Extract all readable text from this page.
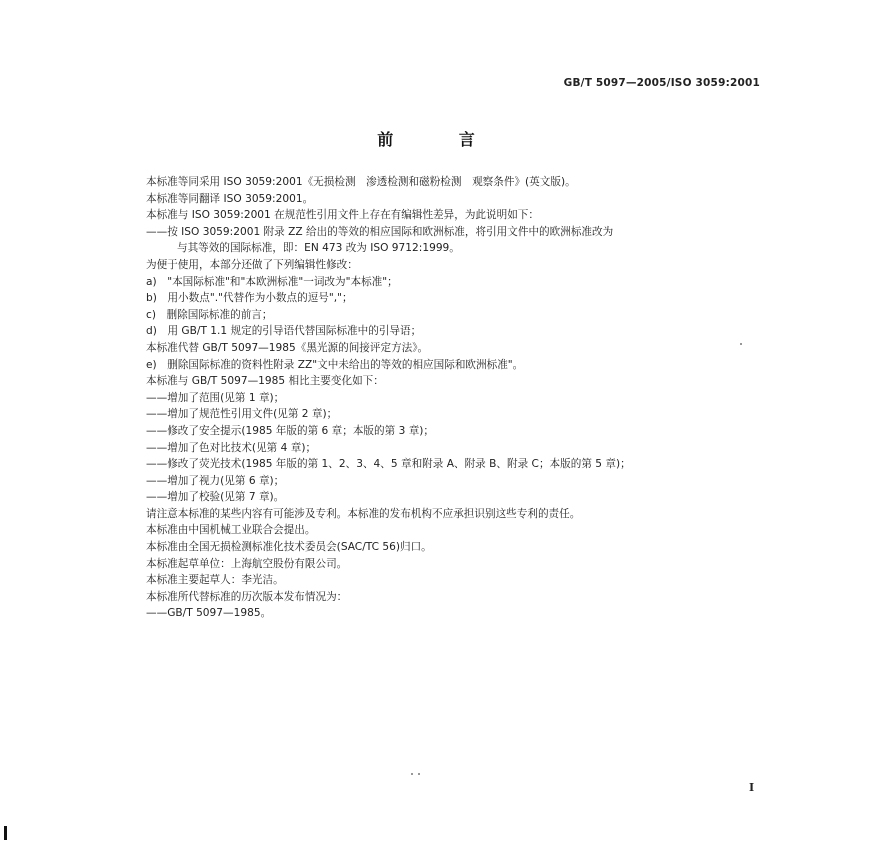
GB/T 5097—2005/ISO 3059:2001
前 言
本标准等同采用 ISO 3059:2001《无损检测　渗透检测和磁粉检测　观察条件》(英文版)。
本标准等同翻译 ISO 3059:2001。
本标准与 ISO 3059:2001 在规范性引用文件上存在有编辑性差异，为此说明如下：
——按 ISO 3059:2001 附录 ZZ 给出的等效的相应国际和欧洲标准，将引用文件中的欧洲标准改为
与其等效的国际标准，即：EN 473 改为 ISO 9712:1999。
为便于使用，本部分还做了下列编辑性修改：
a)　"本国际标准"和"本欧洲标准"一词改为"本标准"；
b)　用小数点"."代替作为小数点的逗号","；
c)　删除国际标准的前言；
d)　用 GB/T 1.1 规定的引导语代替国际标准中的引导语；
本标准代替 GB/T 5097—1985《黑光源的间接评定方法》。
e)　删除国际标准的资料性附录 ZZ"文中未给出的等效的相应国际和欧洲标准"。
本标准与 GB/T 5097—1985 相比主要变化如下：
——增加了范围(见第 1 章)；
——增加了规范性引用文件(见第 2 章)；
——修改了安全提示(1985 年版的第 6 章；本版的第 3 章)；
——增加了色对比技术(见第 4 章)；
——修改了荧光技术(1985 年版的第 1、2、3、4、5 章和附录 A、附录 B、附录 C；本版的第 5 章)；
——增加了视力(见第 6 章)；
——增加了校验(见第 7 章)。
请注意本标准的某些内容有可能涉及专利。本标准的发布机构不应承担识别这些专利的责任。
本标准由中国机械工业联合会提出。
本标准由全国无损检测标准化技术委员会(SAC/TC 56)归口。
本标准起草单位：上海航空股份有限公司。
本标准主要起草人：李光洁。
本标准所代替标准的历次版本发布情况为：
——GB/T 5097—1985。
I
